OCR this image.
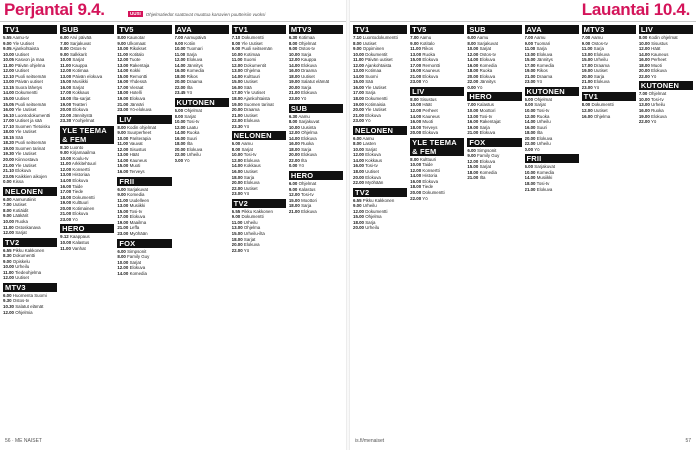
Perjantai 9.4.	UUSI	Ohjelmatiedot saattavat muuttua kanavien puutteisiin vuoksi
TV1
5.55 Aamu-tv
9.00 Yle Uutiset
9.05 Ajankohtaista
10.00 Uutiset
10.05 Kasvon ja maa
11.00 Päivän ohjelma
12.00 Uutiset
12.10 Puoli seitsemän
13.00 Päivän uutiset
13.15 Suora lähetys
14.00 Dokumentti
15.00 Uutiset
15.05 Puoli seitsemän
16.00 Yle Uutiset
16.10 Luontodokumentti
17.00 Uutiset ja sää
17.10 Suomen Tietoisku
18.00 Yle Uutiset
18.15 Sää
18.20 Puoli seitsemän
19.00 Suomen tarinat
19.30 Yle Uutiset
20.00 Kiinnostava
21.00 Yle Uutiset
21.10 Elokuva
23.05 Kaikkien aikojen
0.00 Kissa
NELONEN
6.00 Aamurutiinit
7.00 Uutiset
8.00 Kotiäidit
9.00 Lääkärit
10.00 Ruoka
11.00 Ostoskanava
12.00 Sarjat
TV2
6.55 Pikku Kakkonen
8.30 Dokumentti
9.00 Opiskelu
10.00 Urheilu
11.00 Tiedeohjelma
12.00 Uutiset
MTV3
6.00 Huomenta Suomi
9.30 Ostos-tv
10.30 Salatut elämät
12.00 Ohjelmia
SUB
6.00 Arvi päivää
7.00 Sarjakuvat
8.00 Ostos-tv
9.00 Salkkarit
10.00 Sarjat
11.00 Kauppa
12.00 Kotimaa
13.00 Päivän elokuva
15.00 Musiikki
16.00 Sarjat
17.00 Kokkaus
18.00 Ilta-sarjat
19.00 Teatteri
20.00 Elokuva
22.00 Jännitystä
23.30 Yöohjelmat
YLE TEEMA & FEM
8.10 Luonto
9.00 Kirjamaailma
10.00 Koulu-tv
11.00 Arkkitehtuuri
12.00 Konsertti
13.00 Historiaa
14.00 Elokuva
16.00 Taide
17.00 Tiede
18.00 Dokumentti
19.00 Kulttuuri
20.00 Kotimainen
21.00 Elokuva
23.00 Yö
HERO
9.12 Kaappaus
10.00 Kalastus
11.00 Vanhat
TV5
8.00 Kaunotar
9.00 Ulkomaat
10.00 Rikokset
11.00 Kotitalo
12.00 Tuote
13.00 Rakentaja
14.00 Kokki
15.00 Remontti
16.00 Yhdessä
17.00 Vieraat
18.00 Hotelli
19.00 Elokuva
21.00 Jännäri
23.00 Yö-elokuva
LIV
8.00 Kodin ohjelmat
9.00 Suurperheet
10.00 Pariterapia
11.00 Vauvat
12.00 Sisustus
13.00 Häät
14.00 Kauneus
15.00 Muoti
16.00 Terveys
FRII
6.00 Sarjakuvat
9.00 Komedia
11.00 Uudelleen
13.00 Musiikki
15.00 Tosi-tv
17.00 Elokuva
19.00 Maailma
21.00 Leffa
23.00 Myöhään
FOX
6.00 Simpsonit
8.00 Family Guy
10.00 Sarjat
12.00 Elokuva
14.00 Komedia
AVA
7.00 Aamupäivä
9.00 Kotiin
10.00 Tuomari
11.00 Sarja
12.00 Elokuva
14.00 Jännitys
16.00 Komedia
18.00 Rikos
20.00 Draama
22.00 Ilta
23.45 Yö
KUTONEN
6.00 Ohjelmat
8.00 Sarjat
10.00 Tosi-tv
12.00 Laatu
14.00 Ruoka
16.00 Suuri
18.00 Ilta
20.00 Elokuva
22.00 Urheilu
0.00 Yö
TV1
7.10 Dokumentti
8.00 Yle Uutiset
9.00 Puoli seitsemän
10.00 Kotimaa
11.00 Suomi
12.00 Dokumentit
13.00 Ohjelma
14.00 Kulttuuri
15.00 Uutiset
16.00 Sää
17.00 Yle Uutiset
18.00 Ajankohtaista
19.00 Suomen tarinat
20.00 Draama
21.00 Uutiset
22.00 Elokuva
23.30 Yö
NELONEN
6.00 Aamu
8.00 Sarjat
10.00 Tosi-tv
12.00 Elokuva
14.00 Kokkaus
16.00 Uutiset
18.00 Sarja
20.00 Elokuva
22.00 Uutiset
23.00 Yö
TV2
6.55 Pikku Kakkonen
9.00 Dokumentti
11.00 Urheilu
13.00 Ohjelma
15.00 Urheilu-ilta
18.00 Sarjat
20.00 Elokuva
22.00 Yö
MTV3
6.30 Kotimaa
8.00 Ohjelmat
9.00 Ostos-tv
10.00 Sarja
12.00 Kauppa
14.00 Elokuva
16.00 Draama
18.00 Uutiset
19.00 Salatut elämät
20.00 Sarja
21.00 Elokuva
23.00 Yö
SUB
6.30 Aamu
8.00 Sarjakuvat
10.00 Uusinta
12.00 Ohjelma
14.00 Elokuva
16.00 Ruoka
18.00 Sarja
20.00 Elokuva
22.00 Ilta
0.00 Yö
HERO
6.00 Ohjelmat
9.00 Kalastus
12.00 Tosi-tv
15.00 Moottori
18.00 Sarja
21.00 Elokuva
56 · ME NAISET
Lauantai 10.4.
TV1
7.10 Luontodokumentti
8.00 Uutiset
9.00 Oppiminen
10.00 Dokumentit
11.00 Päivän uutiset
12.00 Ajankohtaista
13.00 Kotimaa
14.00 Suomi
15.00 Sää
16.00 Yle Uutiset
17.00 Sarja
18.00 Dokumentti
19.00 Kotimaisia
20.00 Yle Uutiset
21.00 Elokuva
23.00 Yö
NELONEN
6.00 Aamu
8.00 Lasten
10.00 Sarjat
12.00 Elokuva
14.00 Kokkaus
16.00 Tosi-tv
18.00 Uutiset
20.00 Elokuva
22.00 Myöhään
TV2
6.55 Pikku Kakkonen
9.00 Urheilu
12.00 Dokumentti
15.00 Ohjelma
18.00 Sarja
20.00 Urheilu
TV5
7.00 Aamu
9.00 Kotitalo
11.00 Rikos
13.00 Ruoka
15.00 Elokuva
17.00 Remontti
19.00 Kauneus
21.00 Elokuva
23.00 Yö
LIV
8.00 Sisustus
10.00 Häät
12.00 Perheet
14.00 Kauneus
16.00 Muoti
18.00 Terveys
20.00 Elokuva
YLE TEEMA & FEM
8.00 Kulttuuri
10.00 Taide
12.00 Konsertti
14.00 Historia
16.00 Elokuva
18.00 Tiede
20.00 Dokumentti
22.00 Yö
SUB
6.00 Aamu
8.00 Sarjakuvat
10.00 Sarjat
12.00 Ostos-tv
14.00 Elokuva
16.00 Komedia
18.00 Ruoka
20.00 Elokuva
22.00 Jännitys
0.00 Yö
HERO
7.00 Kalastus
10.00 Moottori
13.00 Tosi-tv
16.00 Rakentajat
19.00 Sarja
21.00 Elokuva
FOX
6.00 Simpsonit
9.00 Family Guy
12.00 Elokuva
15.00 Sarjat
18.00 Komedia
21.00 Ilta
AVA
7.00 Aamu
9.00 Tuomari
11.00 Sarja
13.00 Elokuva
15.00 Jännitys
17.00 Komedia
19.00 Rikos
21.00 Draama
23.00 Yö
KUTONEN
6.00 Ohjelmat
8.00 Sarjat
10.00 Tosi-tv
12.00 Ruoka
14.00 Urheilu
16.00 Suuri
18.00 Ilta
20.00 Elokuva
22.00 Urheilu
0.00 Yö
FRII
6.00 Sarjakuvat
10.00 Komedia
14.00 Musiikki
18.00 Tosi-tv
21.00 Elokuva
MTV3
7.00 Aamu
9.00 Ostos-tv
11.00 Sarja
13.00 Elokuva
15.00 Urheilu
17.00 Draama
19.00 Uutiset
20.00 Sarja
21.00 Elokuva
23.00 Yö
TV1
8.00 Dokumentti
12.00 Uutiset
16.00 Ohjelma
LIV
8.00 Kodin ohjelmat
10.00 Sisustus
12.00 Häät
14.00 Kauneus
16.00 Perheet
18.00 Muoti
20.00 Elokuva
22.00 Yö
KUTONEN
7.00 Ohjelmat
10.00 Tosi-tv
13.00 Urheilu
16.00 Ruoka
19.00 Elokuva
22.00 Yö
is.fi/menaiset	57
